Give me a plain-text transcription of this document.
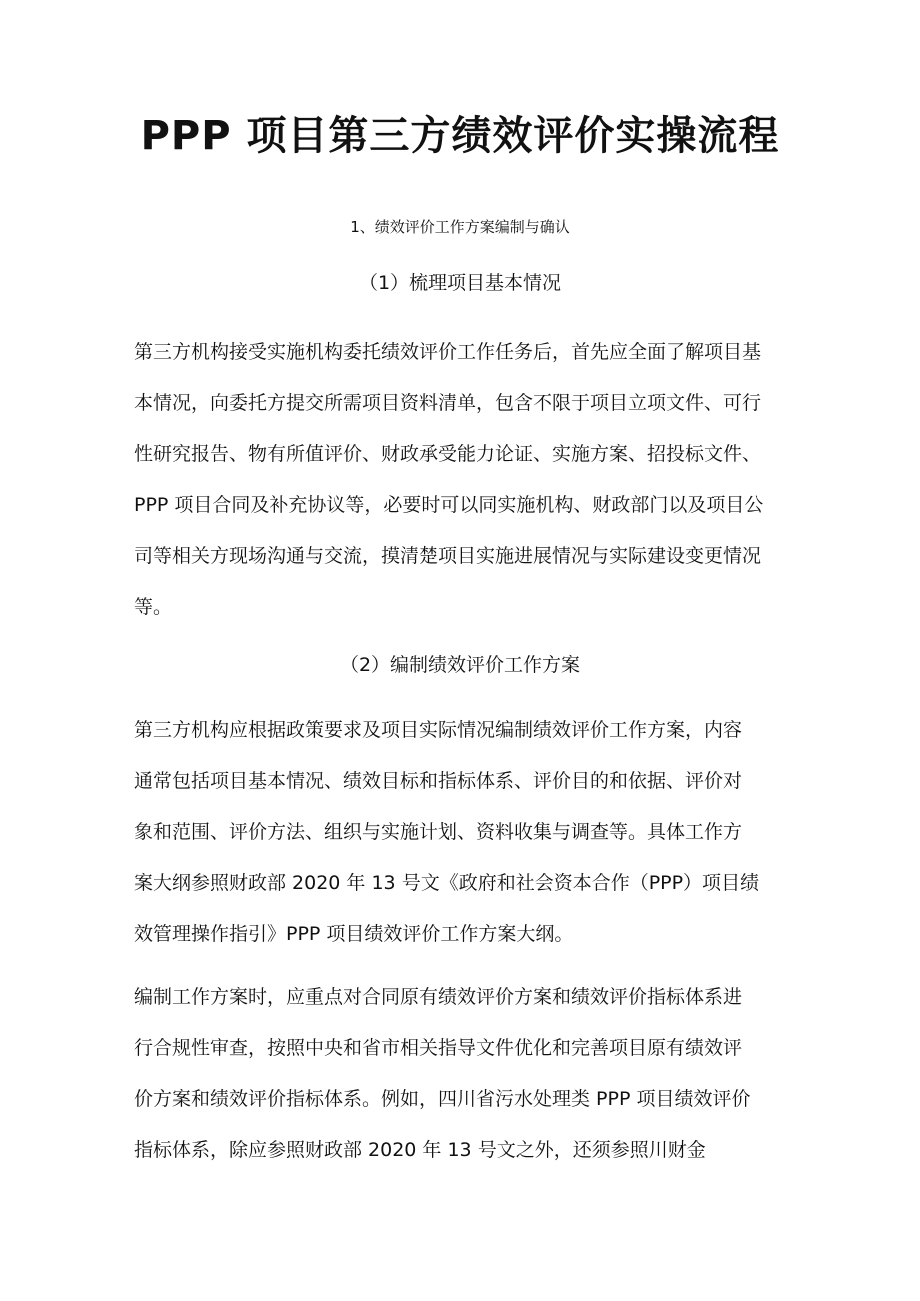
PPP 项目第三方绩效评价实操流程
1、绩效评价工作方案编制与确认
（1）梳理项目基本情况
第三方机构接受实施机构委托绩效评价工作任务后，首先应全面了解项目基
本情况，向委托方提交所需项目资料清单，包含不限于项目立项文件、可行
性研究报告、物有所值评价、财政承受能力论证、实施方案、招投标文件、
PPP 项目合同及补充协议等，必要时可以同实施机构、财政部门以及项目公
司等相关方现场沟通与交流，摸清楚项目实施进展情况与实际建设变更情况
等。
（2）编制绩效评价工作方案
第三方机构应根据政策要求及项目实际情况编制绩效评价工作方案，内容
通常包括项目基本情况、绩效目标和指标体系、评价目的和依据、评价对
象和范围、评价方法、组织与实施计划、资料收集与调查等。具体工作方
案大纲参照财政部 2020 年 13 号文《政府和社会资本合作（PPP）项目绩
效管理操作指引》PPP 项目绩效评价工作方案大纲。
编制工作方案时，应重点对合同原有绩效评价方案和绩效评价指标体系进
行合规性审查，按照中央和省市相关指导文件优化和完善项目原有绩效评
价方案和绩效评价指标体系。例如，四川省污水处理类 PPP 项目绩效评价
指标体系，除应参照财政部 2020 年 13 号文之外，还须参照川财金
